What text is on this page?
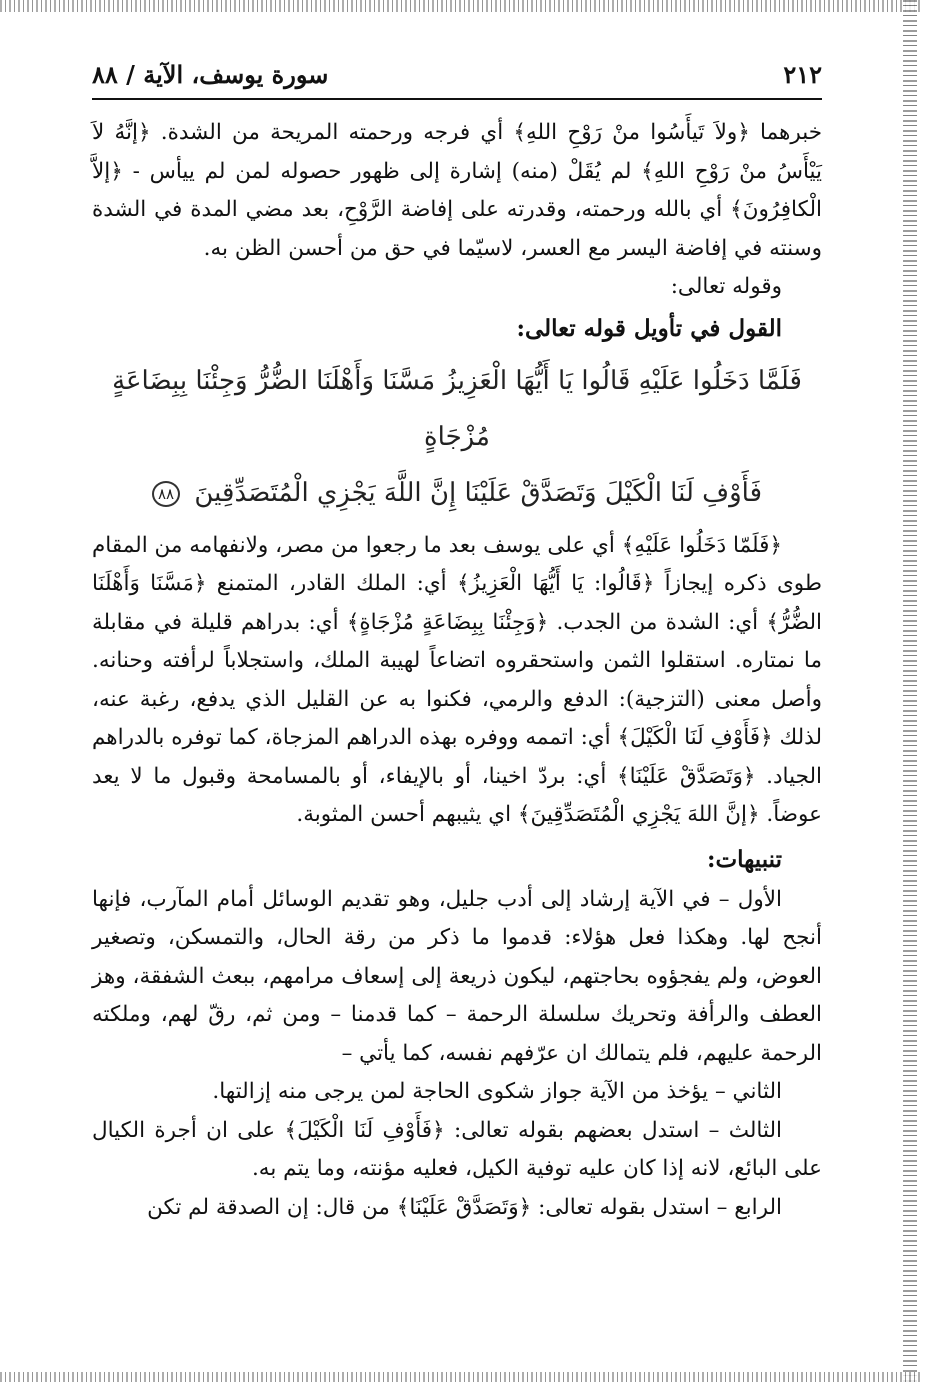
٢١٢
سورة يوسف، الآية / ٨٨

خبرهما ﴿ولاَ تَيأَسُوا منْ رَوْحِ اللهِ﴾ أي فرجه ورحمته المريحة من الشدة. ﴿إنَّهُ لاَ يَيْأَسُ منْ رَوْحِ اللهِ﴾ لم يُقَلْ (منه) إشارة إلى ظهور حصوله لمن لم ييأس - ﴿إلاَّ الْكافِرُونَ﴾ أي بالله ورحمته، وقدرته على إفاضة الرَّوْحِ، بعد مضي المدة في الشدة وسنته في إفاضة اليسر مع العسر، لاسيّما في حق من أحسن الظن به.

وقوله تعالى:

القول في تأويل قوله تعالى:
فَلَمَّا دَخَلُوا عَلَيْهِ قَالُوا يَا أَيُّهَا الْعَزِيزُ مَسَّنَا وَأَهْلَنَا الضُّرُّ وَجِئْنَا بِبِضَاعَةٍ مُزْجَاةٍ
فَأَوْفِ لَنَا الْكَيْلَ وَتَصَدَّقْ عَلَيْنَا إِنَّ اللَّهَ يَجْزِي الْمُتَصَدِّقِينَ ٨٨

﴿فَلَمّا دَخَلُوا عَلَيْهِ﴾ أي على يوسف بعد ما رجعوا من مصر، ولانفهامه من المقام طوى ذكره إيجازاً ﴿قَالُوا: يَا أَيُّهَا الْعَزِيزُ﴾ أي: الملك القادر، المتمنع ﴿مَسَّنَا وَأَهْلَنَا الضُّرُّ﴾ أي: الشدة من الجدب. ﴿وَجِئْنَا بِبِضَاعَةٍ مُزْجَاةٍ﴾ أي: بدراهم قليلة في مقابلة ما نمتاره. استقلوا الثمن واستحقروه اتضاعاً لهيبة الملك، واستجلاباً لرأفته وحنانه. وأصل معنى (التزجية): الدفع والرمي، فكنوا به عن القليل الذي يدفع، رغبة عنه، لذلك ﴿فَأَوْفِ لَنَا الْكَيْلَ﴾ أي: اتممه ووفره بهذه الدراهم المزجاة، كما توفره بالدراهم الجياد. ﴿وَتَصَدَّقْ عَلَيْنَا﴾ أي: بردّ اخينا، أو بالإيفاء، أو بالمسامحة وقبول ما لا يعد عوضاً. ﴿إنَّ اللهَ يَجْزِي الْمُتَصَدِّقِينَ﴾ اي يثيبهم أحسن المثوبة.

تنبيهات:

الأول – في الآية إرشاد إلى أدب جليل، وهو تقديم الوسائل أمام المآرب، فإنها أنجح لها. وهكذا فعل هؤلاء: قدموا ما ذكر من رقة الحال، والتمسكن، وتصغير العوض، ولم يفجؤوه بحاجتهم، ليكون ذريعة إلى إسعاف مرامهم، ببعث الشفقة، وهز العطف والرأفة وتحريك سلسلة الرحمة – كما قدمنا – ومن ثم، رقّ لهم، وملكته الرحمة عليهم، فلم يتمالك ان عرّفهم نفسه، كما يأتي –

الثاني – يؤخذ من الآية جواز شكوى الحاجة لمن يرجى منه إزالتها.

الثالث – استدل بعضهم بقوله تعالى: ﴿فَأَوْفِ لَنَا الْكَيْلَ﴾ على ان أجرة الكيال على البائع، لانه إذا كان عليه توفية الكيل، فعليه مؤنته، وما يتم به.

الرابع – استدل بقوله تعالى: ﴿وَتَصَدَّقْ عَلَيْنَا﴾ من قال: إن الصدقة لم تكن
